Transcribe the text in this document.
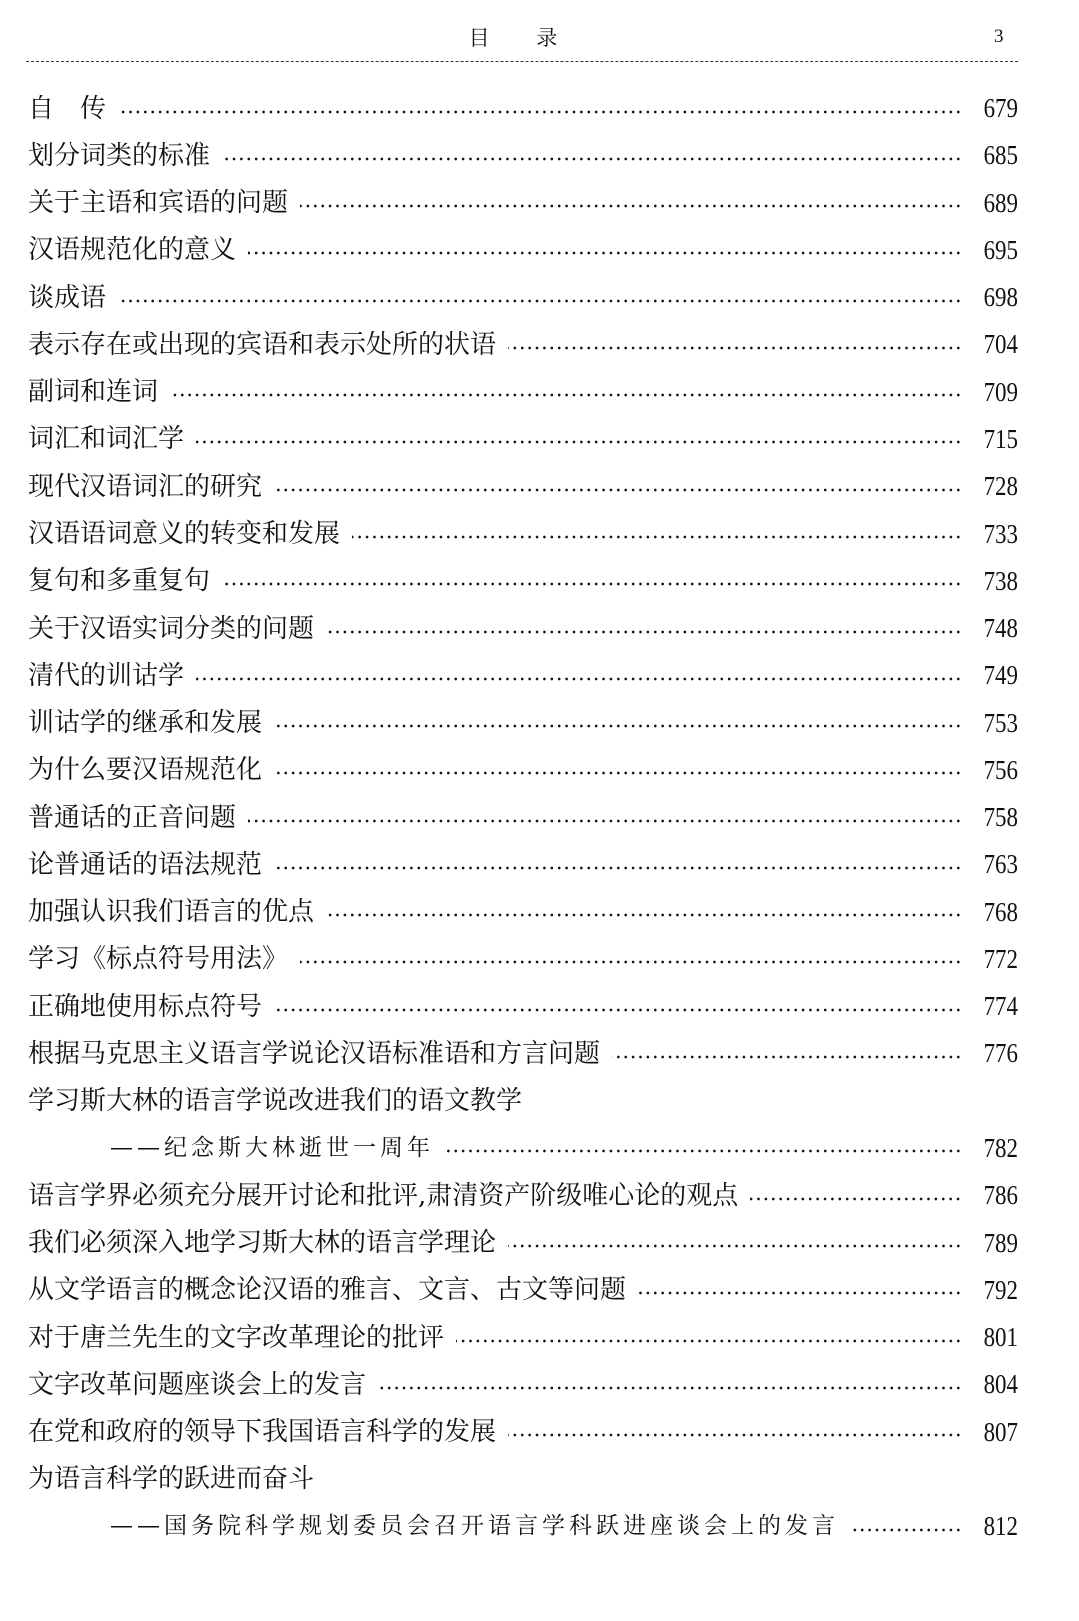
目 录	3
自　传	679
划分词类的标准	685
关于主语和宾语的问题	689
汉语规范化的意义	695
谈成语	698
表示存在或出现的宾语和表示处所的状语	704
副词和连词	709
词汇和词汇学	715
现代汉语词汇的研究	728
汉语语词意义的转变和发展	733
复句和多重复句	738
关于汉语实词分类的问题	748
清代的训诂学	749
训诂学的继承和发展	753
为什么要汉语规范化	756
普通话的正音问题	758
论普通话的语法规范	763
加强认识我们语言的优点	768
学习《标点符号用法》	772
正确地使用标点符号	774
根据马克思主义语言学说论汉语标准语和方言问题	776
学习斯大林的语言学说改进我们的语文教学
——纪念斯大林逝世一周年	782
语言学界必须充分展开讨论和批评,肃清资产阶级唯心论的观点	786
我们必须深入地学习斯大林的语言学理论	789
从文学语言的概念论汉语的雅言、文言、古文等问题	792
对于唐兰先生的文字改革理论的批评	801
文字改革问题座谈会上的发言	804
在党和政府的领导下我国语言科学的发展	807
为语言科学的跃进而奋斗
——国务院科学规划委员会召开语言学科跃进座谈会上的发言	812
